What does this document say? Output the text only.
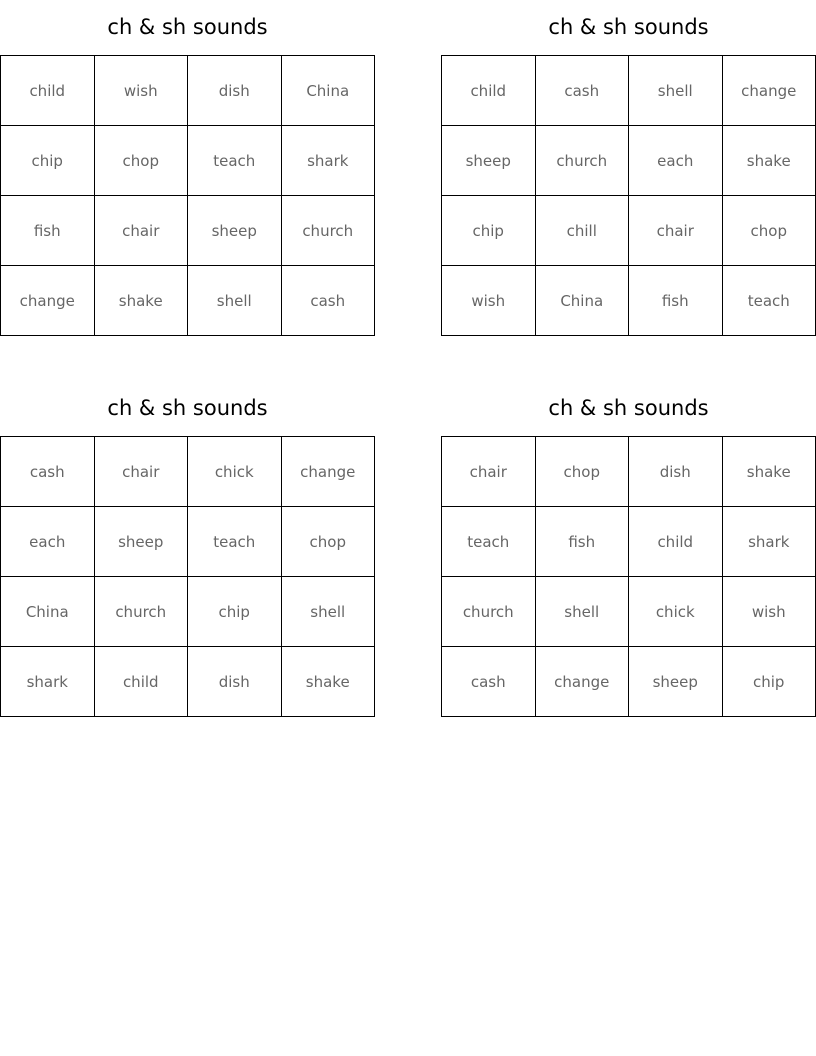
ch & sh sounds
child	wish	dish	China
chip	chop	teach	shark
fish	chair	sheep	church
change	shake	shell	cash
ch & sh sounds
child	cash	shell	change
sheep	church	each	shake
chip	chill	chair	chop
wish	China	fish	teach
ch & sh sounds
cash	chair	chick	change
each	sheep	teach	chop
China	church	chip	shell
shark	child	dish	shake
ch & sh sounds
chair	chop	dish	shake
teach	fish	child	shark
church	shell	chick	wish
cash	change	sheep	chip
